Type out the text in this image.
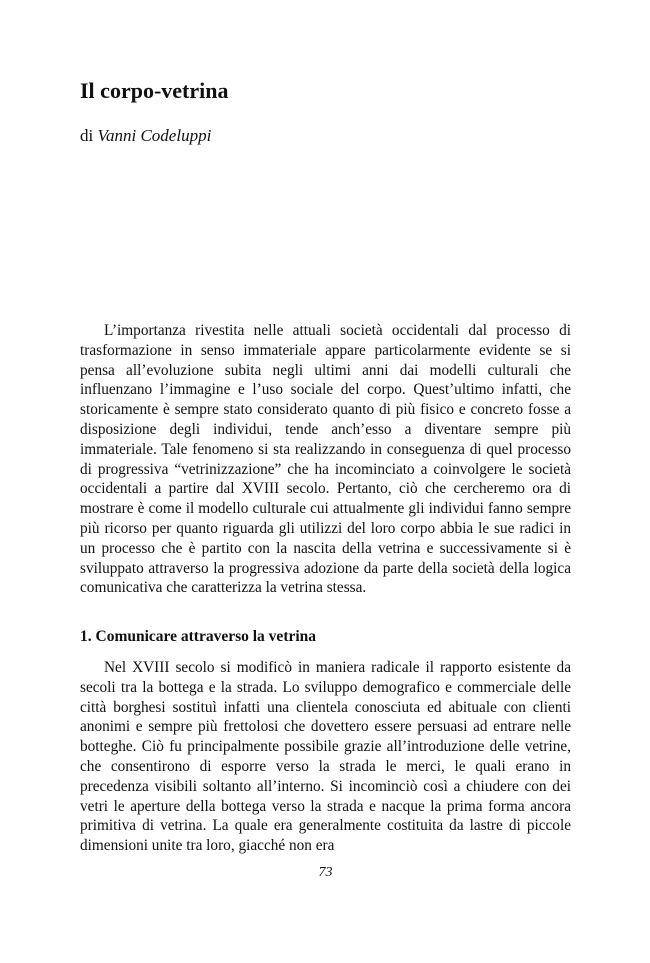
Il corpo-vetrina

di Vanni Codeluppi

L’importanza rivestita nelle attuali società occidentali dal processo di trasformazione in senso immateriale appare particolarmente evidente se si pensa all’evoluzione subita negli ultimi anni dai modelli culturali che influenzano l’immagine e l’uso sociale del corpo. Quest’ultimo infatti, che storicamente è sempre stato considerato quanto di più fisico e concreto fosse a disposizione degli individui, tende anch’esso a diventare sempre più immateriale. Tale fenomeno si sta realizzando in conseguenza di quel processo di progressiva “vetrinizzazione” che ha incominciato a coinvolgere le società occidentali a partire dal XVIII secolo. Pertanto, ciò che cercheremo ora di mostrare è come il modello culturale cui attualmente gli individui fanno sempre più ricorso per quanto riguarda gli utilizzi del loro corpo abbia le sue radici in un processo che è partito con la nascita della vetrina e successivamente si è sviluppato attraverso la progressiva adozione da parte della società della logica comunicativa che caratterizza la vetrina stessa.

1. Comunicare attraverso la vetrina

Nel XVIII secolo si modificò in maniera radicale il rapporto esistente da secoli tra la bottega e la strada. Lo sviluppo demografico e commerciale delle città borghesi sostituì infatti una clientela conosciuta ed abituale con clienti anonimi e sempre più frettolosi che dovettero essere persuasi ad entrare nelle botteghe. Ciò fu principalmente possibile grazie all’introduzione delle vetrine, che consentirono di esporre verso la strada le merci, le quali erano in precedenza visibili soltanto all’interno. Si incominciò così a chiudere con dei vetri le aperture della bottega verso la strada e nacque la prima forma ancora primitiva di vetrina. La quale era generalmente costituita da lastre di piccole dimensioni unite tra loro, giacché non era

73
